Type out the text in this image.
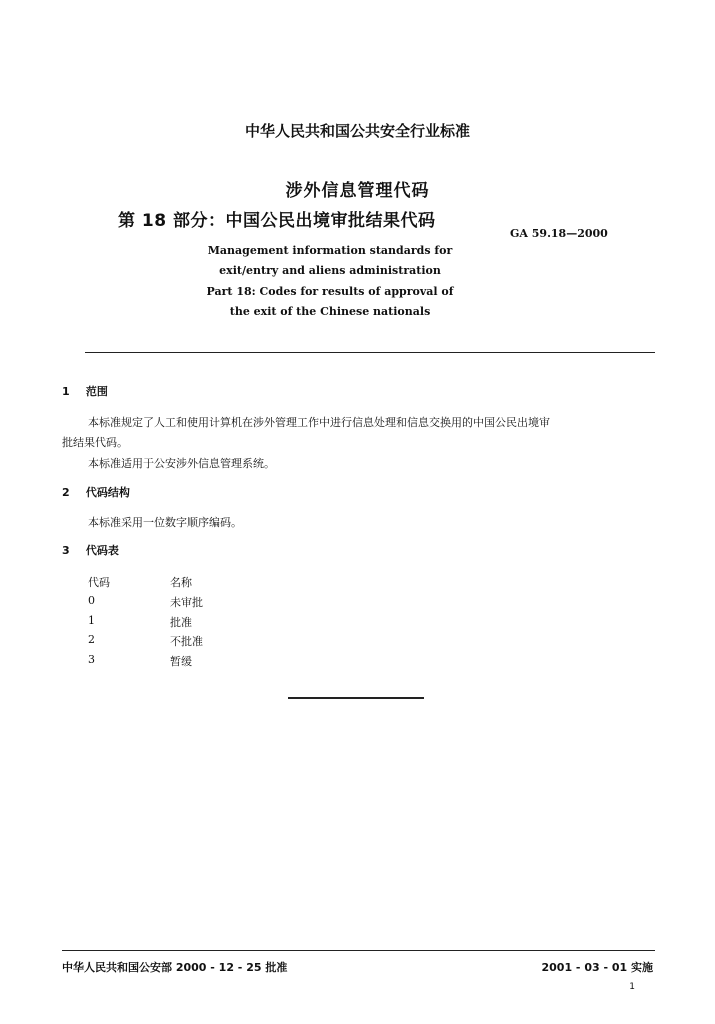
中华人民共和国公共安全行业标准
涉外信息管理代码
第 18 部分：中国公民出境审批结果代码
GA 59.18—2000
Management information standards for
exit/entry and aliens administration
Part 18: Codes for results of approval of
the exit of the Chinese nationals
1 范围
本标准规定了人工和使用计算机在涉外管理工作中进行信息处理和信息交换用的中国公民出境审
批结果代码。
本标准适用于公安涉外信息管理系统。
2 代码结构
本标准采用一位数字顺序编码。
3 代码表
代码	名称
0	未审批
1	批准
2	不批准
3	暂缓
中华人民共和国公安部 2000 - 12 - 25 批准	2001 - 03 - 01 实施
1
